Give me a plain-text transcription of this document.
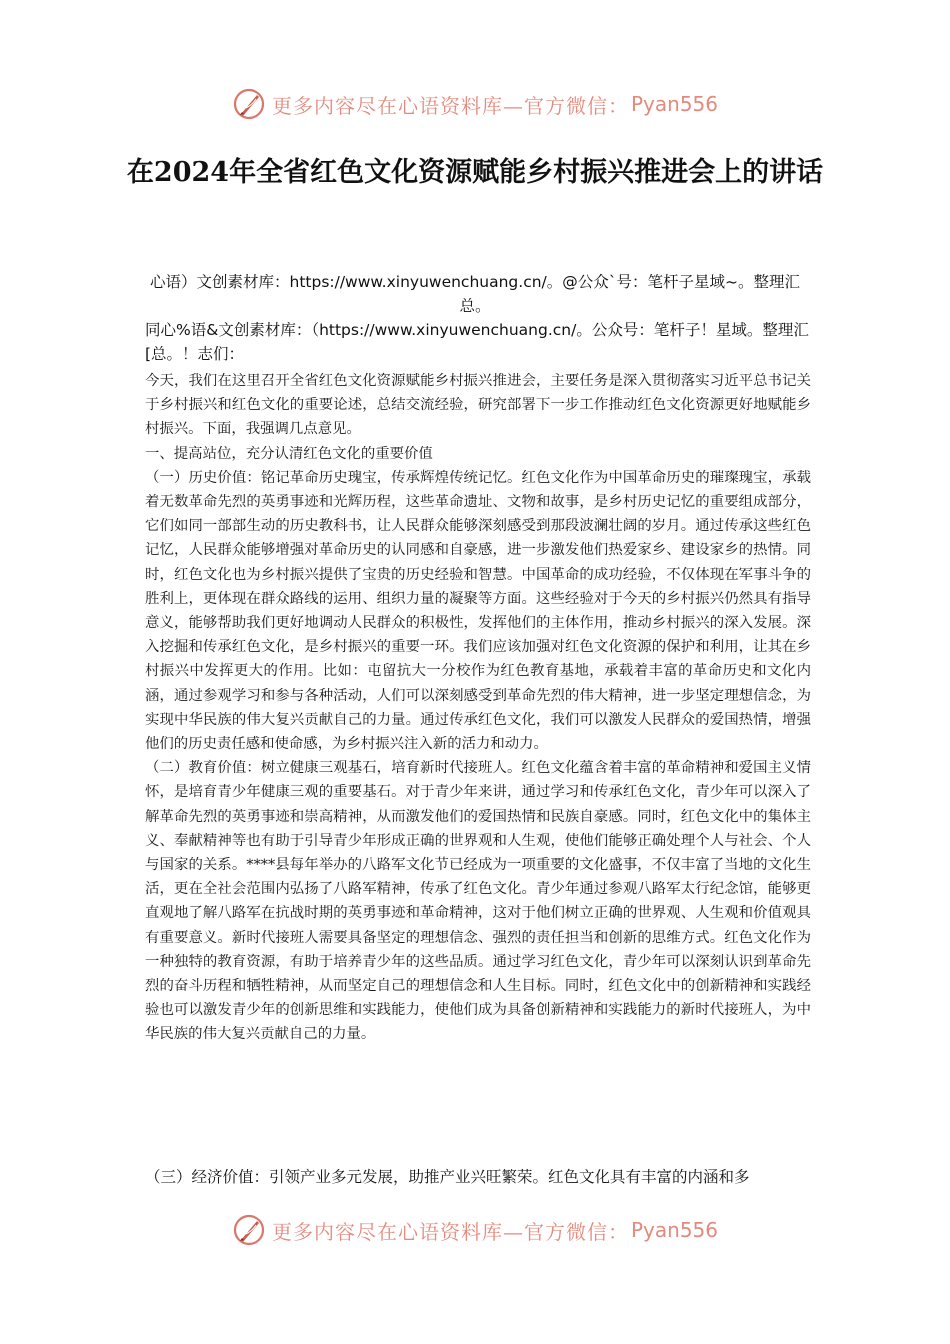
更多内容尽在心语资料库—官方微信： Pyan556
在2024年全省红色文化资源赋能乡村振兴推进会上的讲话
心语）文创素材库：https://www.xinyuwenchuang.cn/。@公众`号：笔杆子星域~。整理汇总。
同心%语&文创素材库：（https://www.xinyuwenchuang.cn/。公众号：笔杆子！星域。整理汇[总。！志们：

今天，我们在这里召开全省红色文化资源赋能乡村振兴推进会，主要任务是深入贯彻落实习近平总书记关于乡村振兴和红色文化的重要论述，总结交流经验，研究部署下一步工作推动红色文化资源更好地赋能乡村振兴。下面，我强调几点意见。

一、提高站位，充分认清红色文化的重要价值

（一）历史价值：铭记革命历史瑰宝，传承辉煌传统记忆。红色文化作为中国革命历史的璀璨瑰宝，承载着无数革命先烈的英勇事迹和光辉历程，这些革命遗址、文物和故事，是乡村历史记忆的重要组成部分，它们如同一部部生动的历史教科书，让人民群众能够深刻感受到那段波澜壮阔的岁月。通过传承这些红色记忆，人民群众能够增强对革命历史的认同感和自豪感，进一步激发他们热爱家乡、建设家乡的热情。同时，红色文化也为乡村振兴提供了宝贵的历史经验和智慧。中国革命的成功经验，不仅体现在军事斗争的胜利上，更体现在群众路线的运用、组织力量的凝聚等方面。这些经验对于今天的乡村振兴仍然具有指导意义，能够帮助我们更好地调动人民群众的积极性，发挥他们的主体作用，推动乡村振兴的深入发展。深入挖掘和传承红色文化，是乡村振兴的重要一环。我们应该加强对红色文化资源的保护和利用，让其在乡村振兴中发挥更大的作用。比如：屯留抗大一分校作为红色教育基地，承载着丰富的革命历史和文化内涵，通过参观学习和参与各种活动，人们可以深刻感受到革命先烈的伟大精神，进一步坚定理想信念，为实现中华民族的伟大复兴贡献自己的力量。通过传承红色文化，我们可以激发人民群众的爱国热情，增强他们的历史责任感和使命感，为乡村振兴注入新的活力和动力。

（二）教育价值：树立健康三观基石，培育新时代接班人。红色文化蕴含着丰富的革命精神和爱国主义情怀，是培育青少年健康三观的重要基石。对于青少年来讲，通过学习和传承红色文化，青少年可以深入了解革命先烈的英勇事迹和崇高精神，从而激发他们的爱国热情和民族自豪感。同时，红色文化中的集体主义、奉献精神等也有助于引导青少年形成正确的世界观和人生观，使他们能够正确处理个人与社会、个人与国家的关系。****县每年举办的八路军文化节已经成为一项重要的文化盛事，不仅丰富了当地的文化生活，更在全社会范围内弘扬了八路军精神，传承了红色文化。青少年通过参观八路军太行纪念馆，能够更直观地了解八路军在抗战时期的英勇事迹和革命精神，这对于他们树立正确的世界观、人生观和价值观具有重要意义。新时代接班人需要具备坚定的理想信念、强烈的责任担当和创新的思维方式。红色文化作为一种独特的教育资源，有助于培养青少年的这些品质。通过学习红色文化，青少年可以深刻认识到革命先烈的奋斗历程和牺牲精神，从而坚定自己的理想信念和人生目标。同时，红色文化中的创新精神和实践经验也可以激发青少年的创新思维和实践能力，使他们成为具备创新精神和实践能力的新时代接班人，为中华民族的伟大复兴贡献自己的力量。

（三）经济价值：引领产业多元发展，助推产业兴旺繁荣。红色文化具有丰富的内涵和多
更多内容尽在心语资料库—官方微信： Pyan556
